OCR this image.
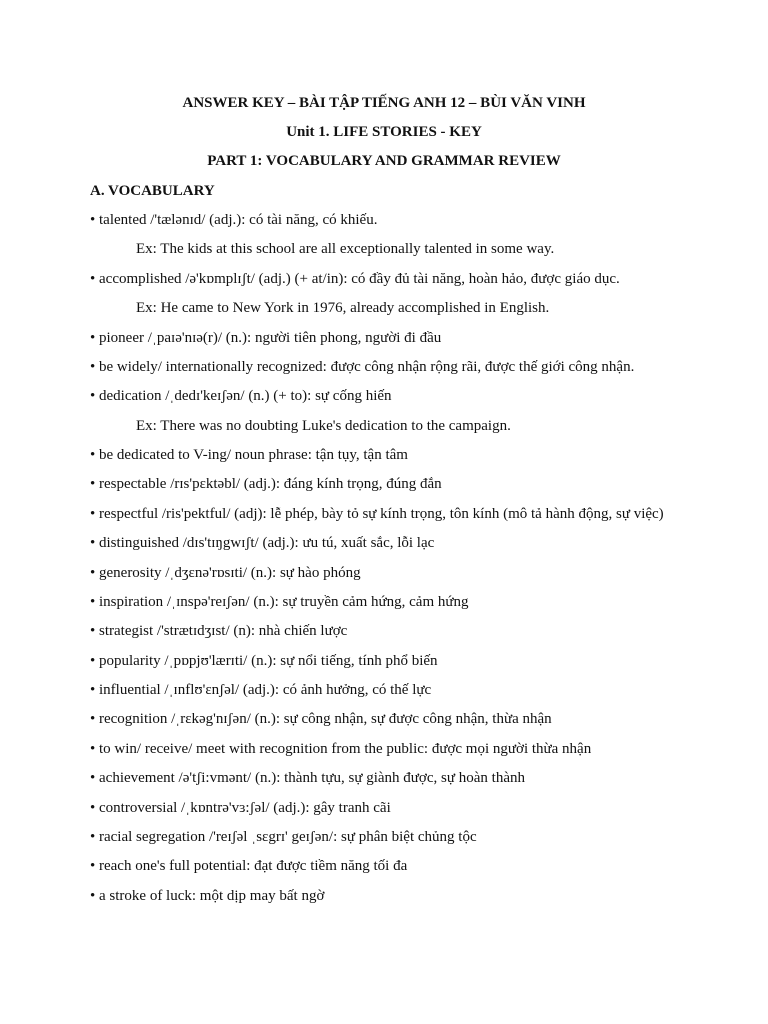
ANSWER KEY – BÀI TẬP TIẾNG ANH 12 – BÙI VĂN VINH
Unit 1. LIFE STORIES - KEY
PART 1: VOCABULARY AND GRAMMAR REVIEW
A. VOCABULARY
• talented /'tælənɪd/ (adj.): có tài năng, có khiếu.
Ex: The kids at this school are all exceptionally talented in some way.
• accomplished /ə'kɒmplɪʃt/ (adj.) (+ at/in): có đầy đủ tài năng, hoàn hảo, được giáo dục.
Ex: He came to New York in 1976, already accomplished in English.
• pioneer /ˌpaɪə'nɪə(r)/ (n.): người tiên phong, người đi đầu
• be widely/ internationally recognized: được công nhận rộng rãi, được thế giới công nhận.
• dedication /ˌdedɪ'keɪʃən/ (n.) (+ to): sự cống hiến
Ex: There was no doubting Luke's dedication to the campaign.
• be dedicated to V-ing/ noun phrase: tận tụy, tận tâm
• respectable /rɪs'pɛktəbl/ (adj.): đáng kính trọng, đúng đắn
• respectful /ris'pektful/ (adj): lễ phép, bày tỏ sự kính trọng, tôn kính (mô tả hành động, sự việc)
• distinguished /dɪs'tɪŋgwɪʃt/ (adj.): ưu tú, xuất sắc, lỗi lạc
• generosity /ˌdʒɛnə'rɒsɪti/ (n.): sự hào phóng
• inspiration /ˌɪnspə'reɪʃən/ (n.): sự truyền cảm hứng, cảm hứng
• strategist /'strætɪdʒɪst/ (n): nhà chiến lược
• popularity /ˌpɒpjʊ'lærɪti/ (n.): sự nổi tiếng, tính phổ biến
• influential /ˌɪnflʊ'ɛnʃəl/ (adj.): có ảnh hưởng, có thế lực
• recognition /ˌrɛkəg'nɪʃən/ (n.): sự công nhận, sự được công nhận, thừa nhận
• to win/ receive/ meet with recognition from the public: được mọi người thừa nhận
• achievement /ə'tʃi:vmənt/ (n.): thành tựu, sự giành được, sự hoàn thành
• controversial /ˌkɒntrə'vɜ:ʃəl/ (adj.): gây tranh cãi
• racial segregation /'reɪʃəl ˌsɛgrɪ' geɪʃən/: sự phân biệt chủng tộc
• reach one's full potential: đạt được tiềm năng tối đa
• a stroke of luck: một dịp may bất ngờ
